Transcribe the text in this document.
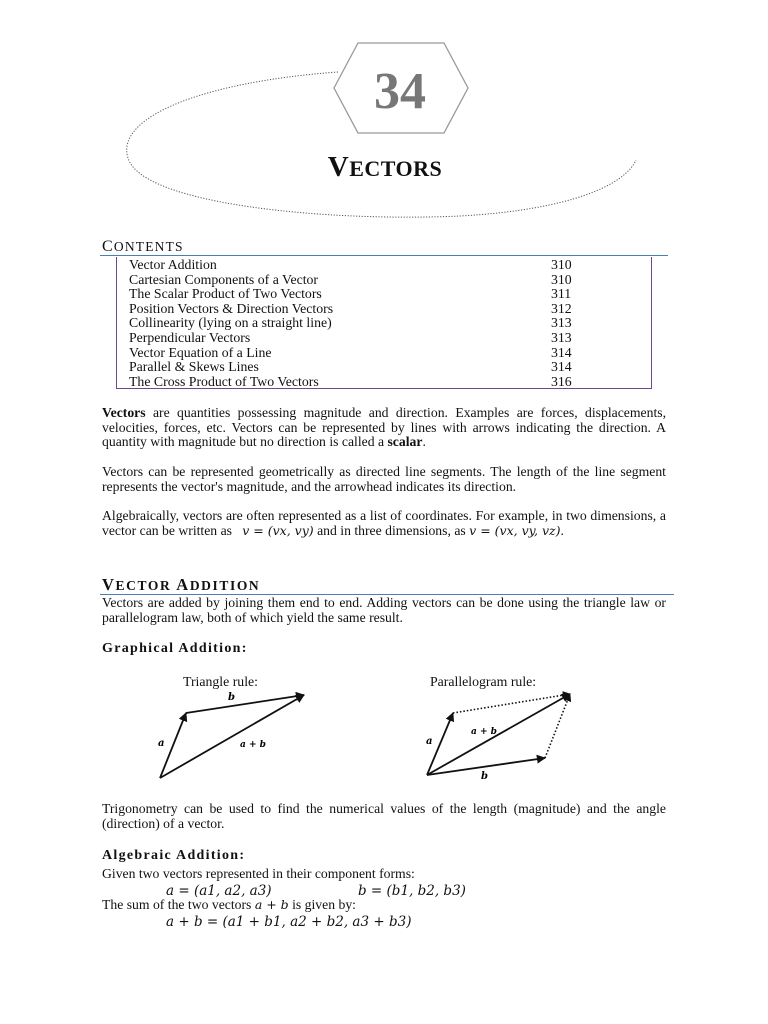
34
VECTORS
CONTENTS
Vector Addition	310
Cartesian Components of a Vector	310
The Scalar Product of Two Vectors	311
Position Vectors & Direction Vectors	312
Collinearity (lying on a straight line)	313
Perpendicular Vectors	313
Vector Equation of a Line	314
Parallel & Skews Lines	314
The Cross Product of Two Vectors	316
Vectors are quantities possessing magnitude and direction. Examples are forces, displacements, velocities, forces, etc. Vectors can be represented by lines with arrows indicating the direction. A quantity with magnitude but no direction is called a scalar.
Vectors can be represented geometrically as directed line segments. The length of the line segment represents the vector's magnitude, and the arrowhead indicates its direction.
Algebraically, vectors are often represented as a list of coordinates. For example, in two dimensions, a vector can be written as v = (vx, vy) and in three dimensions, as v = (vx, vy, vz).
VECTOR ADDITION
Vectors are added by joining them end to end. Adding vectors can be done using the triangle law or parallelogram law, both of which yield the same result.
Graphical Addition:
Triangle rule:	Parallelogram rule:
a
b
a + b	a
b
a + b
Trigonometry can be used to find the numerical values of the length (magnitude) and the angle (direction) of a vector.
Algebraic Addition:
Given two vectors represented in their component forms:
a = (a1, a2, a3)	b = (b1, b2, b3)
The sum of the two vectors a + b is given by:
a + b = (a1 + b1, a2 + b2, a3 + b3)
